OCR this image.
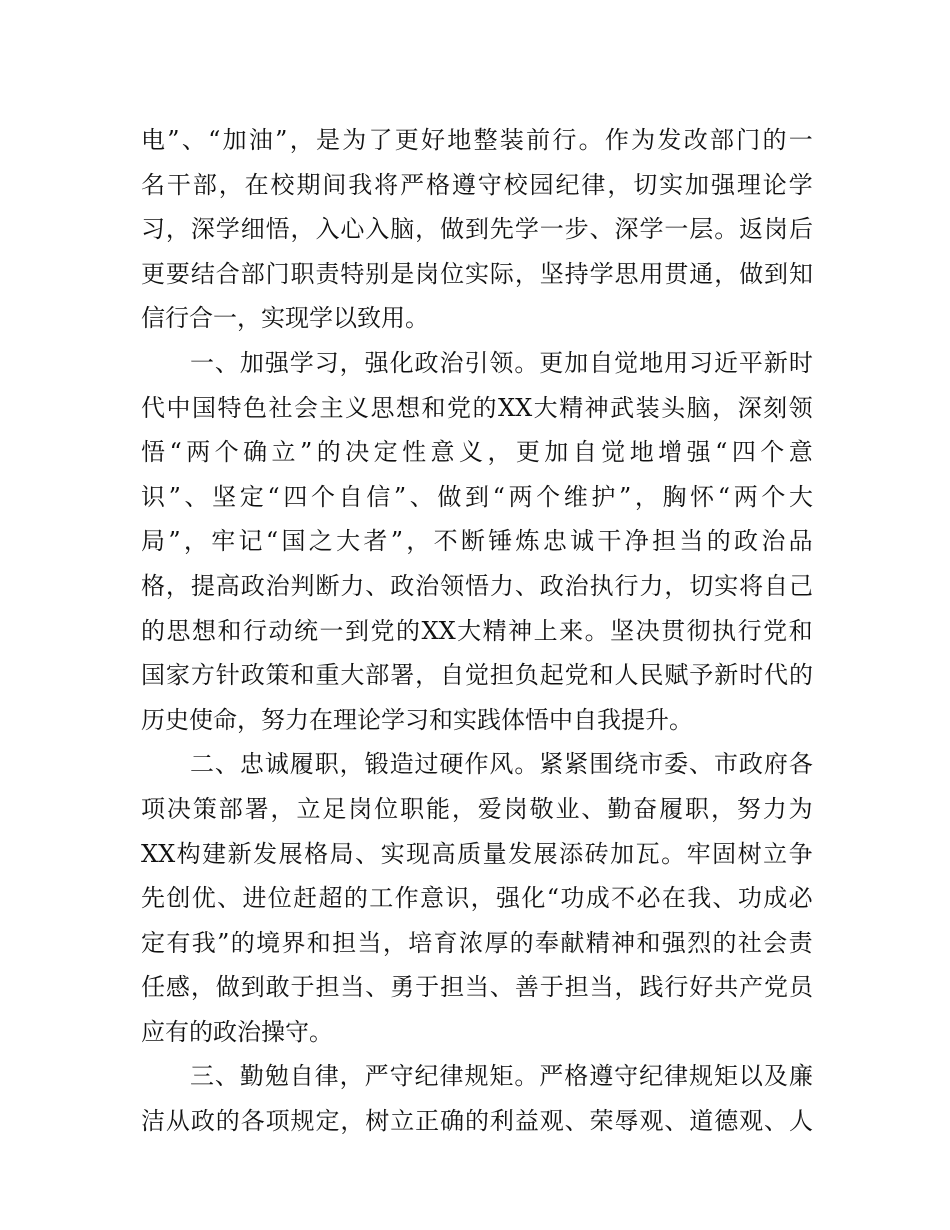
电 ” 、 “ 加 油 ” ， 是 为 了 更 好 地 整 装 前 行 。 作 为 发 改 部 门 的 一
名 干 部 ， 在 校 期 间 我 将 严 格 遵 守 校 园 纪 律 ， 切 实 加 强 理 论 学
习 ， 深 学 细 悟 ， 入 心 入 脑 ， 做 到 先 学 一 步 、 深 学 一 层 。 返 岗 后
更 要 结 合 部 门 职 责 特 别 是 岗 位 实 际 ， 坚 持 学 思 用 贯 通 ， 做 到 知
信行合一，实现学以致用。

一 、 加 强 学 习 ， 强 化 政 治 引 领 。 更 加 自 觉 地 用 习 近 平 新 时
代 中 国 特 色 社 会 主 义 思 想 和 党 的 XX 大 精 神 武 装 头 脑 ， 深 刻 领
悟 “ 两 个 确 立 ” 的 决 定 性 意 义 ， 更 加 自 觉 地 增 强 “ 四 个 意
识 ” 、 坚 定 “ 四 个 自 信 ” 、 做 到 “ 两 个 维 护 ” ， 胸 怀 “ 两 个 大
局 ” ， 牢 记 “ 国 之 大 者 ” ， 不 断 锤 炼 忠 诚 干 净 担 当 的 政 治 品
格 ， 提 高 政 治 判 断 力 、 政 治 领 悟 力 、 政 治 执 行 力 ， 切 实 将 自 己
的 思 想 和 行 动 统 一 到 党 的 XX 大 精 神 上 来 。 坚 决 贯 彻 执 行 党 和
国 家 方 针 政 策 和 重 大 部 署 ， 自 觉 担 负 起 党 和 人 民 赋 予 新 时 代 的
历史使命，努力在理论学习和实践体悟中自我提升。

二 、 忠 诚 履 职 ， 锻 造 过 硬 作 风 。 紧 紧 围 绕 市 委 、 市 政 府 各
项 决 策 部 署 ， 立 足 岗 位 职 能 ， 爱 岗 敬 业 、 勤 奋 履 职 ， 努 力 为
XX 构 建 新 发 展 格 局 、 实 现 高 质 量 发 展 添 砖 加 瓦 。 牢 固 树 立 争
先 创 优 、 进 位 赶 超 的 工 作 意 识 ， 强 化 “ 功 成 不 必 在 我 、 功 成 必
定 有 我 ” 的 境 界 和 担 当 ， 培 育 浓 厚 的 奉 献 精 神 和 强 烈 的 社 会 责
任 感 ， 做 到 敢 于 担 当 、 勇 于 担 当 、 善 于 担 当 ， 践 行 好 共 产 党 员
应有的政治操守。

三 、 勤 勉 自 律 ， 严 守 纪 律 规 矩 。 严 格 遵 守 纪 律 规 矩 以 及 廉
洁 从 政 的 各 项 规 定 ， 树 立 正 确 的 利 益 观 、 荣 辱 观 、 道 德 观 、 人
